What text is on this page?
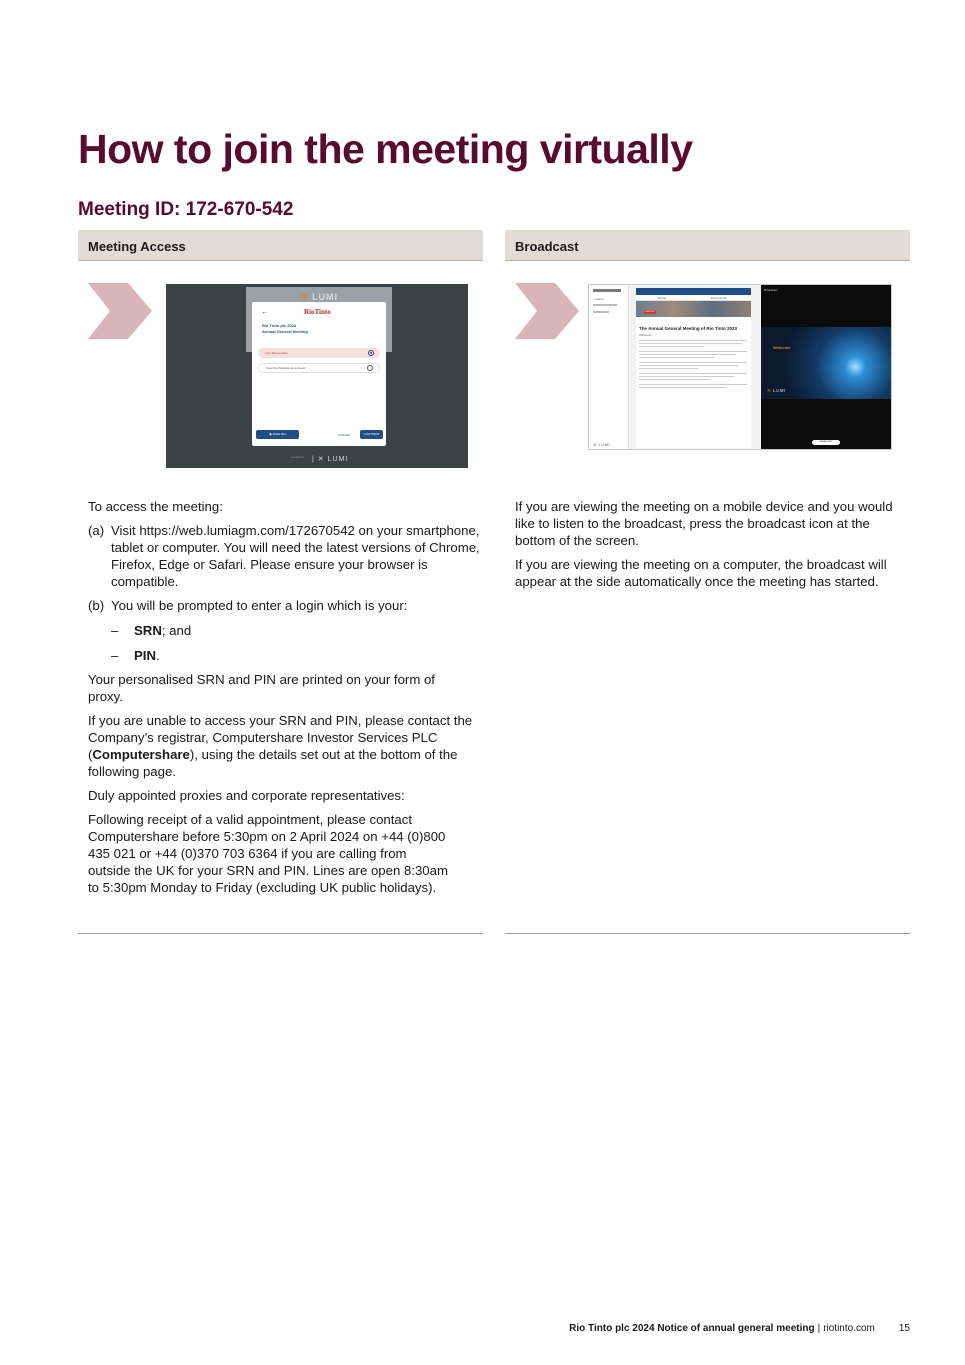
How to join the meeting virtually
Meeting ID: 172-670-542
Meeting Access
✕ LUMI
←	RioTinto
Rio Tinto plc 2024
Annual General Meeting
I am Shareholder
View the Webcast as a Guest
◉ ENGLISH	CANCEL	CONTINUE
POWERED BY | ✕ LUMI

To access the meeting:

(a) Visit https://web.lumiagm.com/172670542 on your smartphone, tablet or computer. You will need the latest versions of Chrome, Firefox, Edge or Safari. Please ensure your browser is compatible.
(b) You will be prompted to enter a login which is your:
–	SRN; and
–	PIN.

Your personalised SRN and PIN are printed on your form of proxy.

If you are unable to access your SRN and PIN, please contact the Company’s registrar, Computershare Investor Services PLC (Computershare), using the details set out at the bottom of the following page.

Duly appointed proxies and corporate representatives:

Following receipt of a valid appointment, please contact Computershare before 5:30pm on 2 April 2024 on +44 (0)800 435 021 or +44 (0)370 703 6364 if you are calling from outside the UK for your SRN and PIN. Lines are open 8:30am to 5:30pm Monday to Friday (excluding UK public holidays).

Broadcast
⌂ Home
✕ LUMI
Home	Documents
MEETING
The Annual General Meeting of Rio Tinto 2023
Welcome
Broadcast
Welcome
✕ LUMI
BROADCAST

If you are viewing the meeting on a mobile device and you would like to listen to the broadcast, press the broadcast icon at the bottom of the screen.

If you are viewing the meeting on a computer, the broadcast will appear at the side automatically once the meeting has started.

Rio Tinto plc 2024 Notice of annual general meeting | riotinto.com 15
